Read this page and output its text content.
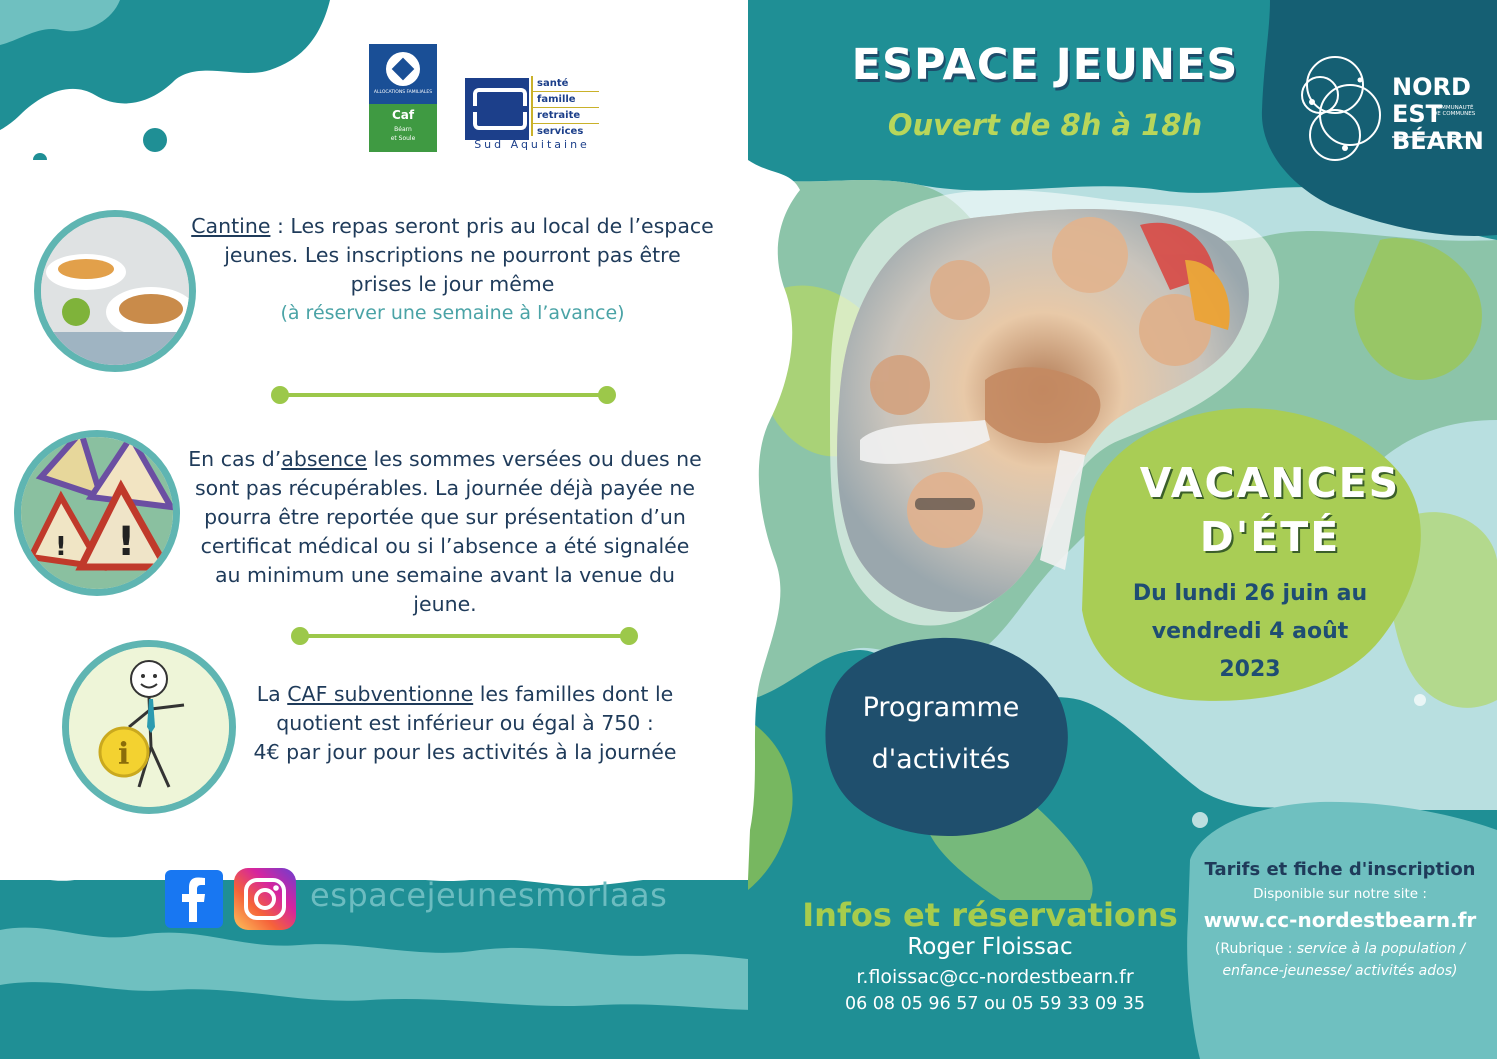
ALLOCATIONS FAMILIALES
Caf
Béarn
et Soule
santé
famille
retraite
services
Sud Aquitaine
ESPACE JEUNES
Ouvert de 8h à 18h
NORD
EST
BÉARN
COMMUNAUTÉ DE COMMUNES
Cantine : Les repas seront pris au local de l’espace
jeunes. Les inscriptions ne pourront pas être
prises le jour même
(à réserver une semaine à l’avance)
!
!
En cas d’absence les sommes versées ou dues ne
sont pas récupérables. La journée déjà payée ne
pourra être reportée que sur présentation d’un
certificat médical ou si l’absence a été signalée
au minimum une semaine avant la venue du
jeune.
i
La CAF subventionne les familles dont le
quotient est inférieur ou égal à 750 :
4€ par jour pour les activités à la journée
espacejeunesmorlaas
VACANCES
D'ÉTÉ
Du lundi 26 juin au
vendredi 4 août
2023
Programme
d'activités
Infos et réservations
Roger Floissac
r.floissac@cc-nordestbearn.fr
06 08 05 96 57 ou 05 59 33 09 35
Tarifs et fiche d'inscription
Disponible sur notre site :
www.cc-nordestbearn.fr
(Rubrique : service à la population /
enfance-jeunesse/ activités ados)
